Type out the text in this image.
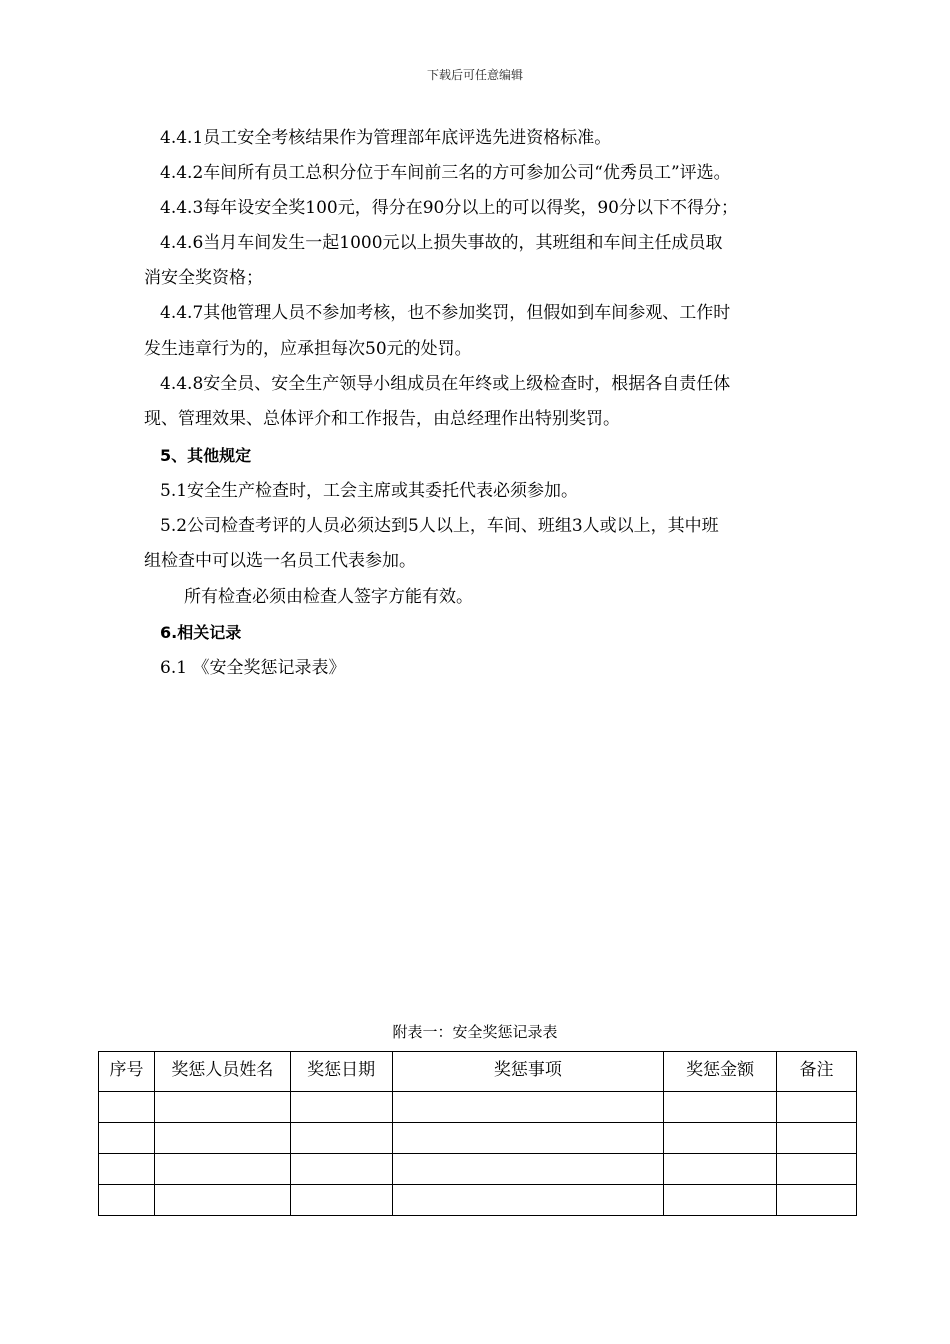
下载后可任意编辑
4.4.1员工安全考核结果作为管理部年底评选先进资格标准。
4.4.2车间所有员工总积分位于车间前三名的方可参加公司“优秀员工”评选。
4.4.3每年设安全奖100元，得分在90分以上的可以得奖，90分以下不得分；
4.4.6当月车间发生一起1000元以上损失事故的，其班组和车间主任成员取
消安全奖资格；
4.4.7其他管理人员不参加考核，也不参加奖罚，但假如到车间参观、工作时
发生违章行为的，应承担每次50元的处罚。
4.4.8安全员、安全生产领导小组成员在年终或上级检查时，根据各自责任体
现、管理效果、总体评介和工作报告，由总经理作出特别奖罚。
5、其他规定
5.1安全生产检查时，工会主席或其委托代表必须参加。
5.2公司检查考评的人员必须达到5人以上，车间、班组3人或以上，其中班
组检查中可以选一名员工代表参加。
所有检查必须由检查人签字方能有效。
6.相关记录
6.1 《安全奖惩记录表》
附表一：安全奖惩记录表
序号	奖惩人员姓名	奖惩日期	奖惩事项	奖惩金额	备注
